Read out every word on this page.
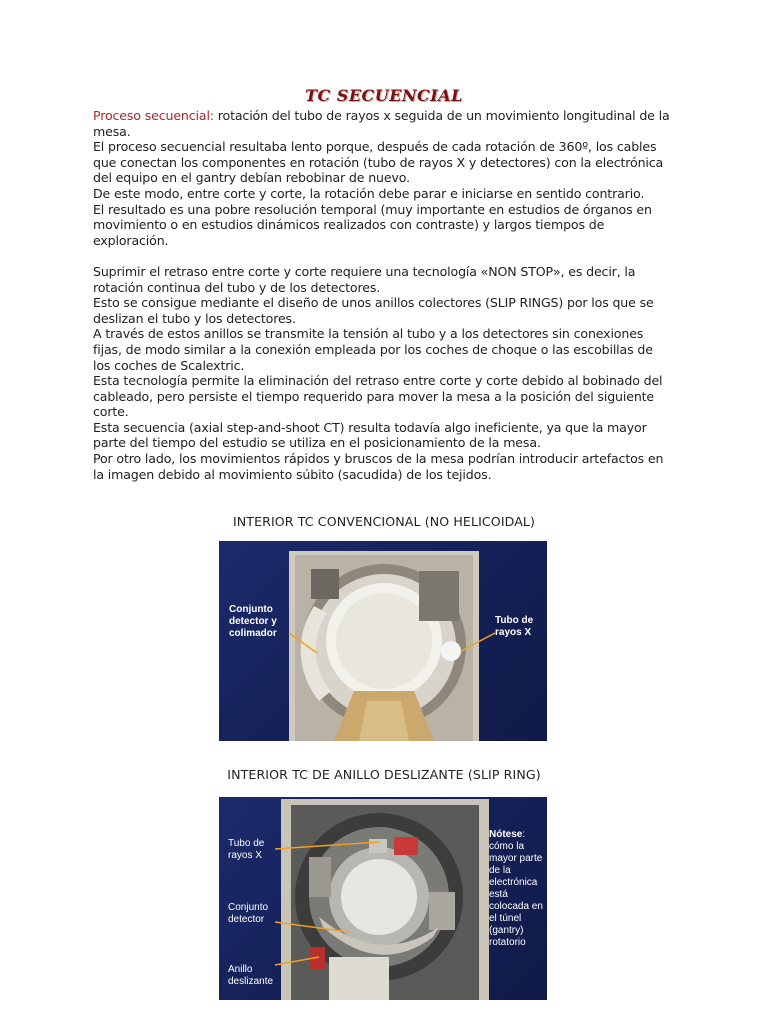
TC SECUENCIAL

Proceso secuencial: rotación del tubo de rayos x seguida de un movimiento longitudinal de la mesa.

El proceso secuencial resultaba lento porque, después de cada rotación de 360º, los cables que conectan los componentes en rotación (tubo de rayos X y detectores) con la electrónica del equipo en el gantry debían rebobinar de nuevo.

De este modo, entre corte y corte, la rotación debe parar e iniciarse en sentido contrario.

El resultado es una pobre resolución temporal (muy importante en estudios de órganos en movimiento o en estudios dinámicos realizados con contraste) y largos tiempos de exploración.

Suprimir el retraso entre corte y corte requiere una tecnología «NON STOP», es decir, la rotación continua del tubo y de los detectores.

Esto se consigue mediante el diseño de unos anillos colectores (SLIP RINGS) por los que se deslizan el tubo y los detectores.

A través de estos anillos se transmite la tensión al tubo y a los detectores sin conexiones fijas, de modo similar a la conexión empleada por los coches de choque o las escobillas de los coches de Scalextric.

Esta tecnología permite la eliminación del retraso entre corte y corte debido al bobinado del cableado, pero persiste el tiempo requerido para mover la mesa a la posición del siguiente corte.

Esta secuencia (axial step-and-shoot CT) resulta todavía algo ineficiente, ya que la mayor parte del tiempo del estudio se utiliza en el posicionamiento de la mesa.

Por otro lado, los movimientos rápidos y bruscos de la mesa podrían introducir artefactos en la imagen debido al movimiento súbito (sacudida) de los tejidos.

INTERIOR TC CONVENCIONAL (NO HELICOIDAL)
Conjunto detector y colimador
Tubo de rayos X
INTERIOR TC DE ANILLO DESLIZANTE (SLIP RING)
Tubo de rayos X
Conjunto detector
Anillo deslizante
Nótese:
cómo la mayor parte de la electrónica está colocada en el túnel (gantry) rotatorio
